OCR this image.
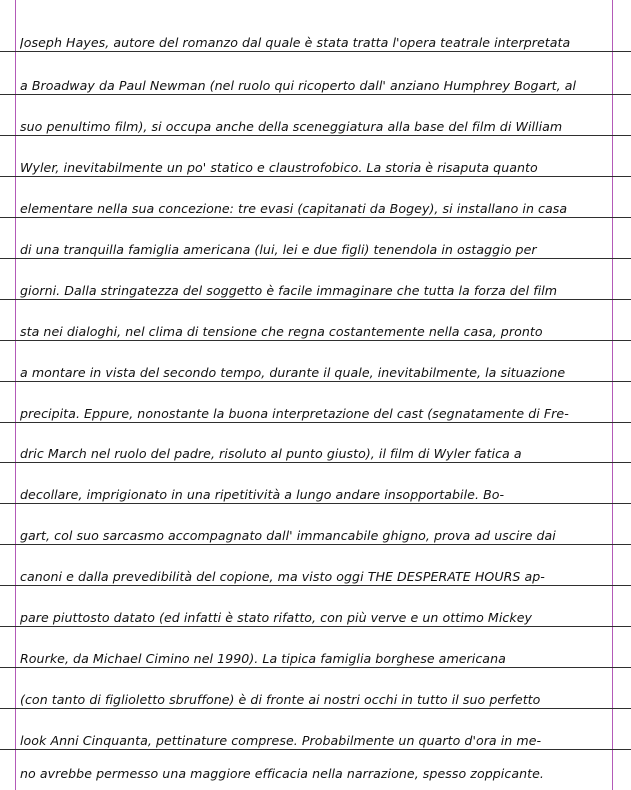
Joseph Hayes, autore del romanzo dal quale è stata tratta l'opera teatrale interpretata
a Broadway da Paul Newman (nel ruolo qui ricoperto dall' anziano Humphrey Bogart, al
suo penultimo film), si occupa anche della sceneggiatura alla base del film di William
Wyler, inevitabilmente un po' statico e claustrofobico. La storia è risaputa quanto
elementare nella sua concezione: tre evasi (capitanati da Bogey), si installano in casa
di una tranquilla famiglia americana (lui, lei e due figli) tenendola in ostaggio per
giorni. Dalla stringatezza del soggetto è facile immaginare che tutta la forza del film
sta nei dialoghi, nel clima di tensione che regna costantemente nella casa, pronto
a montare in vista del secondo tempo, durante il quale, inevitabilmente, la situazione
precipita. Eppure, nonostante la buona interpretazione del cast (segnatamente di Fre-
dric March nel ruolo del padre, risoluto al punto giusto), il film di Wyler fatica a
decollare, imprigionato in una ripetitività a lungo andare insopportabile. Bo-
gart, col suo sarcasmo accompagnato dall' immancabile ghigno, prova ad uscire dai
canoni e dalla prevedibilità del copione, ma visto oggi THE DESPERATE HOURS ap-
pare piuttosto datato (ed infatti è stato rifatto, con più verve e un ottimo Mickey
Rourke, da Michael Cimino nel 1990). La tipica famiglia borghese americana
(con tanto di figlioletto sbruffone) è di fronte ai nostri occhi in tutto il suo perfetto
look Anni Cinquanta, pettinature comprese. Probabilmente un quarto d'ora in me-
no avrebbe permesso una maggiore efficacia nella narrazione, spesso zoppicante.
